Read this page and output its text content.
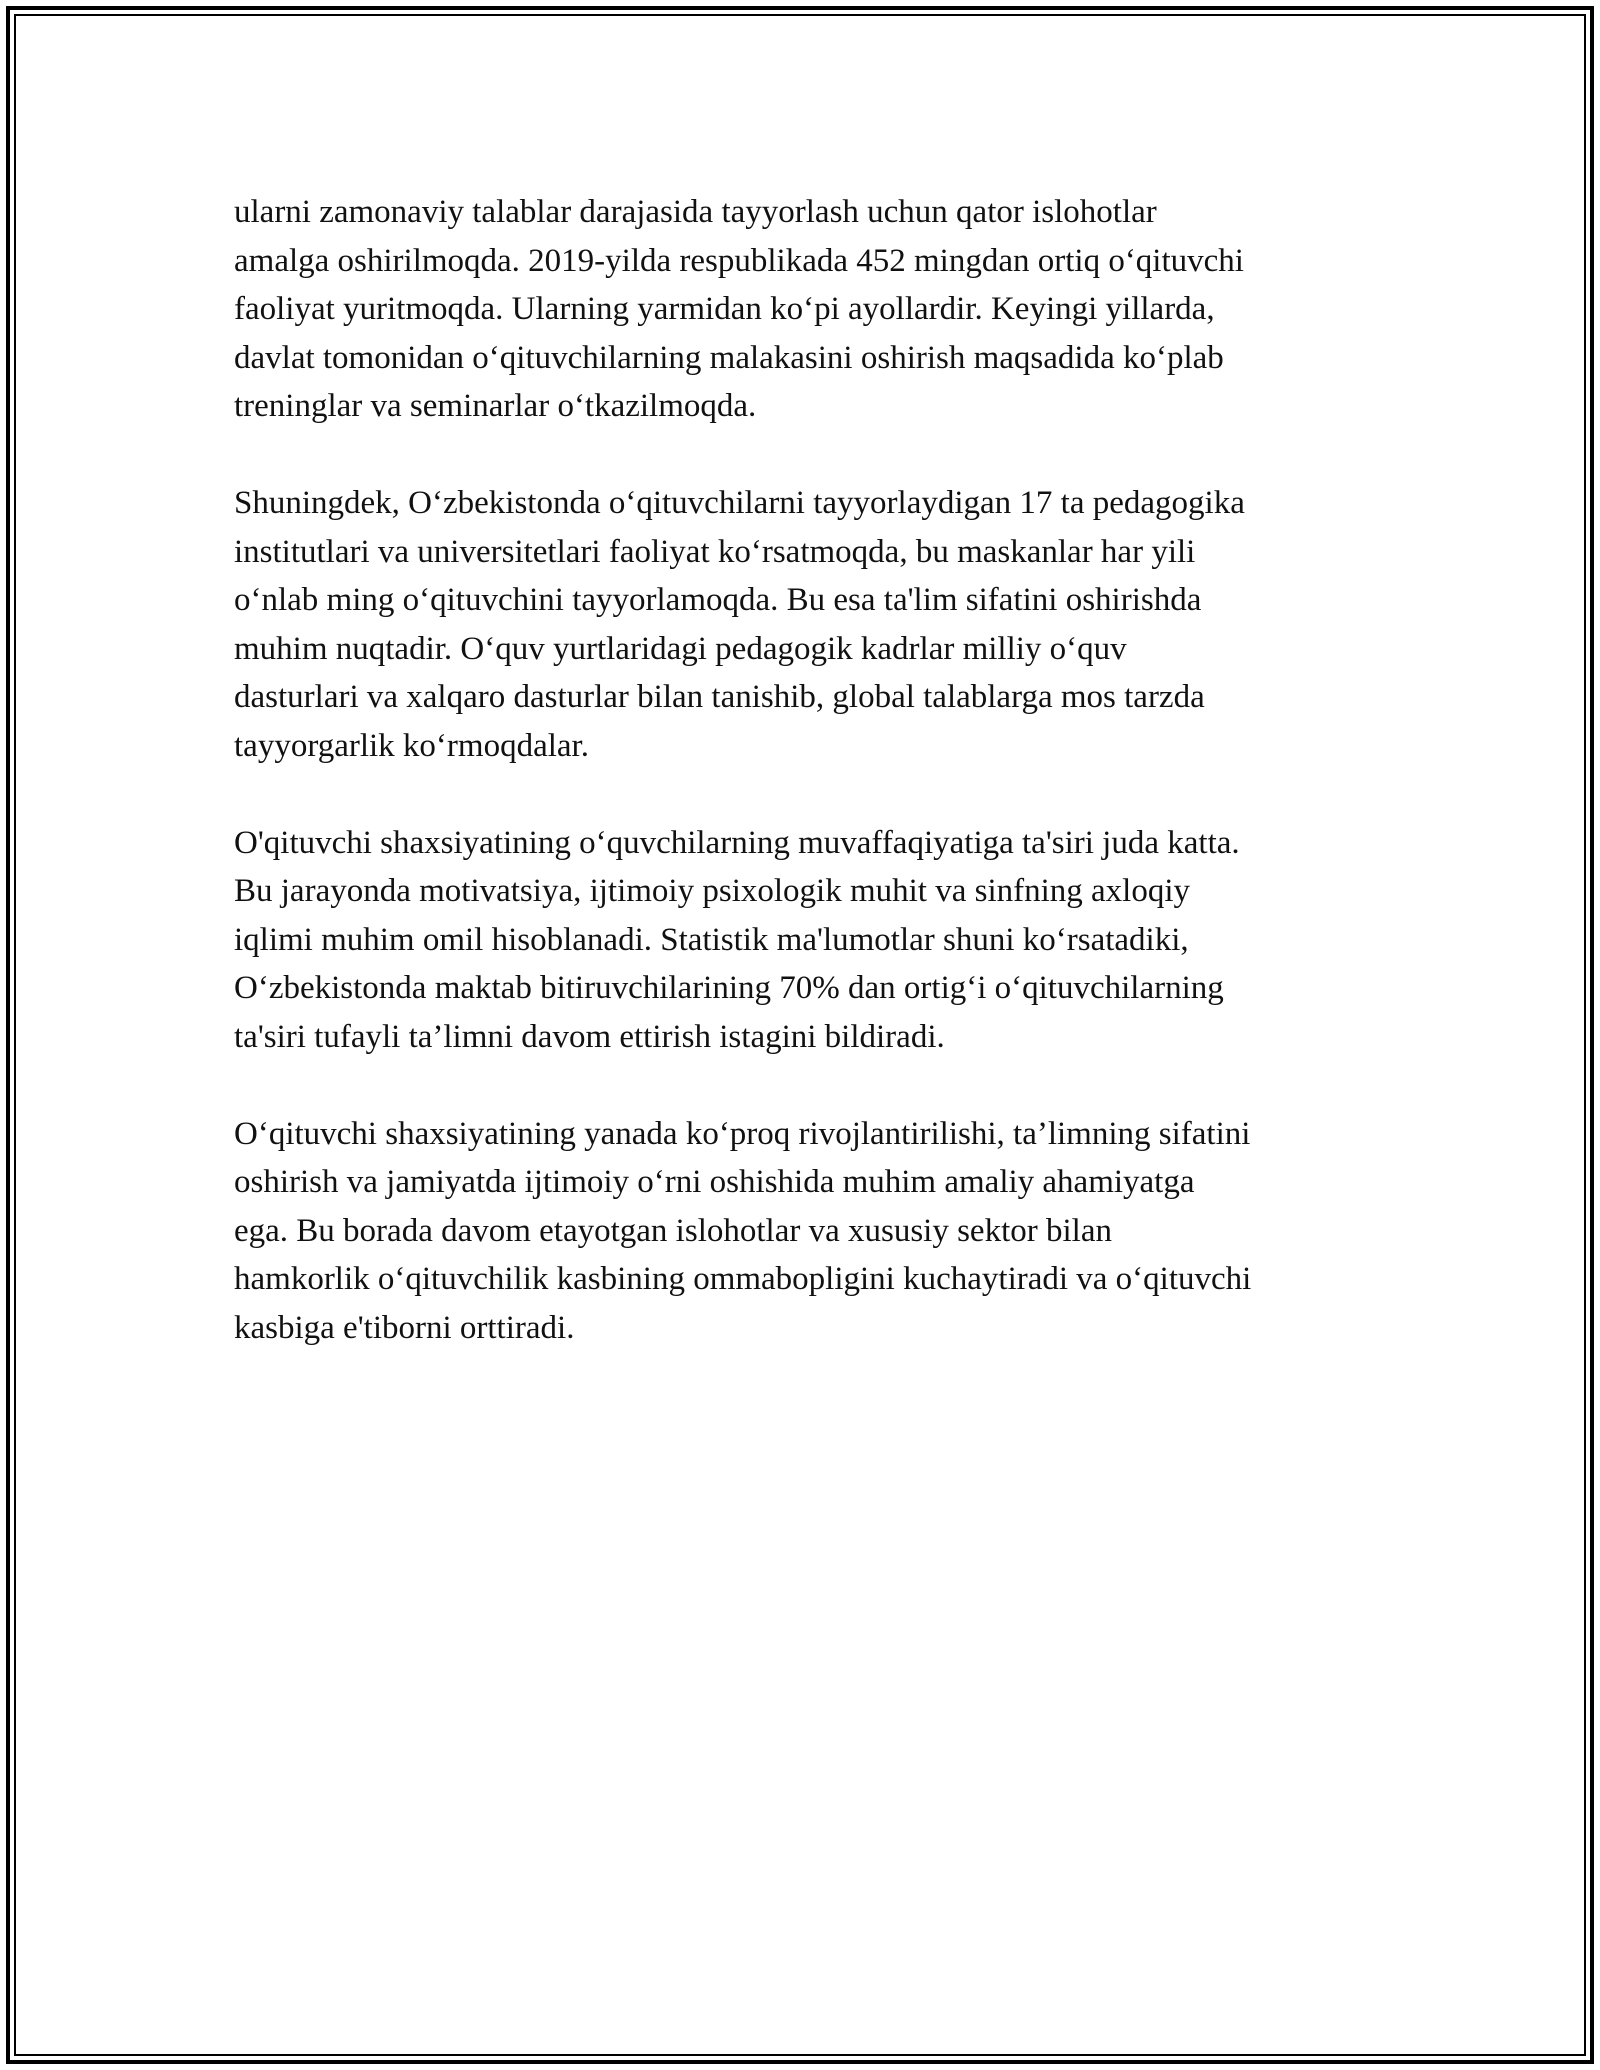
ularni zamonaviy talablar darajasida tayyorlash uchun qator islohotlar
amalga oshirilmoqda. 2019-yilda respublikada 452 mingdan ortiq o‘qituvchi
faoliyat yuritmoqda. Ularning yarmidan ko‘pi ayollardir. Keyingi yillarda,
davlat tomonidan o‘qituvchilarning malakasini oshirish maqsadida ko‘plab
treninglar va seminarlar o‘tkazilmoqda.

Shuningdek, O‘zbekistonda o‘qituvchilarni tayyorlaydigan 17 ta pedagogika
institutlari va universitetlari faoliyat ko‘rsatmoqda, bu maskanlar har yili
o‘nlab ming o‘qituvchini tayyorlamoqda. Bu esa ta'lim sifatini oshirishda
muhim nuqtadir. O‘quv yurtlaridagi pedagogik kadrlar milliy o‘quv
dasturlari va xalqaro dasturlar bilan tanishib, global talablarga mos tarzda
tayyorgarlik ko‘rmoqdalar.

O'qituvchi shaxsiyatining o‘quvchilarning muvaffaqiyatiga ta'siri juda katta.
Bu jarayonda motivatsiya, ijtimoiy psixologik muhit va sinfning axloqiy
iqlimi muhim omil hisoblanadi. Statistik ma'lumotlar shuni ko‘rsatadiki,
O‘zbekistonda maktab bitiruvchilarining 70% dan ortig‘i o‘qituvchilarning
ta'siri tufayli ta’limni davom ettirish istagini bildiradi.

O‘qituvchi shaxsiyatining yanada ko‘proq rivojlantirilishi, ta’limning sifatini
oshirish va jamiyatda ijtimoiy o‘rni oshishida muhim amaliy ahamiyatga
ega. Bu borada davom etayotgan islohotlar va xususiy sektor bilan
hamkorlik o‘qituvchilik kasbining ommabopligini kuchaytiradi va o‘qituvchi
kasbiga e'tiborni orttiradi.
